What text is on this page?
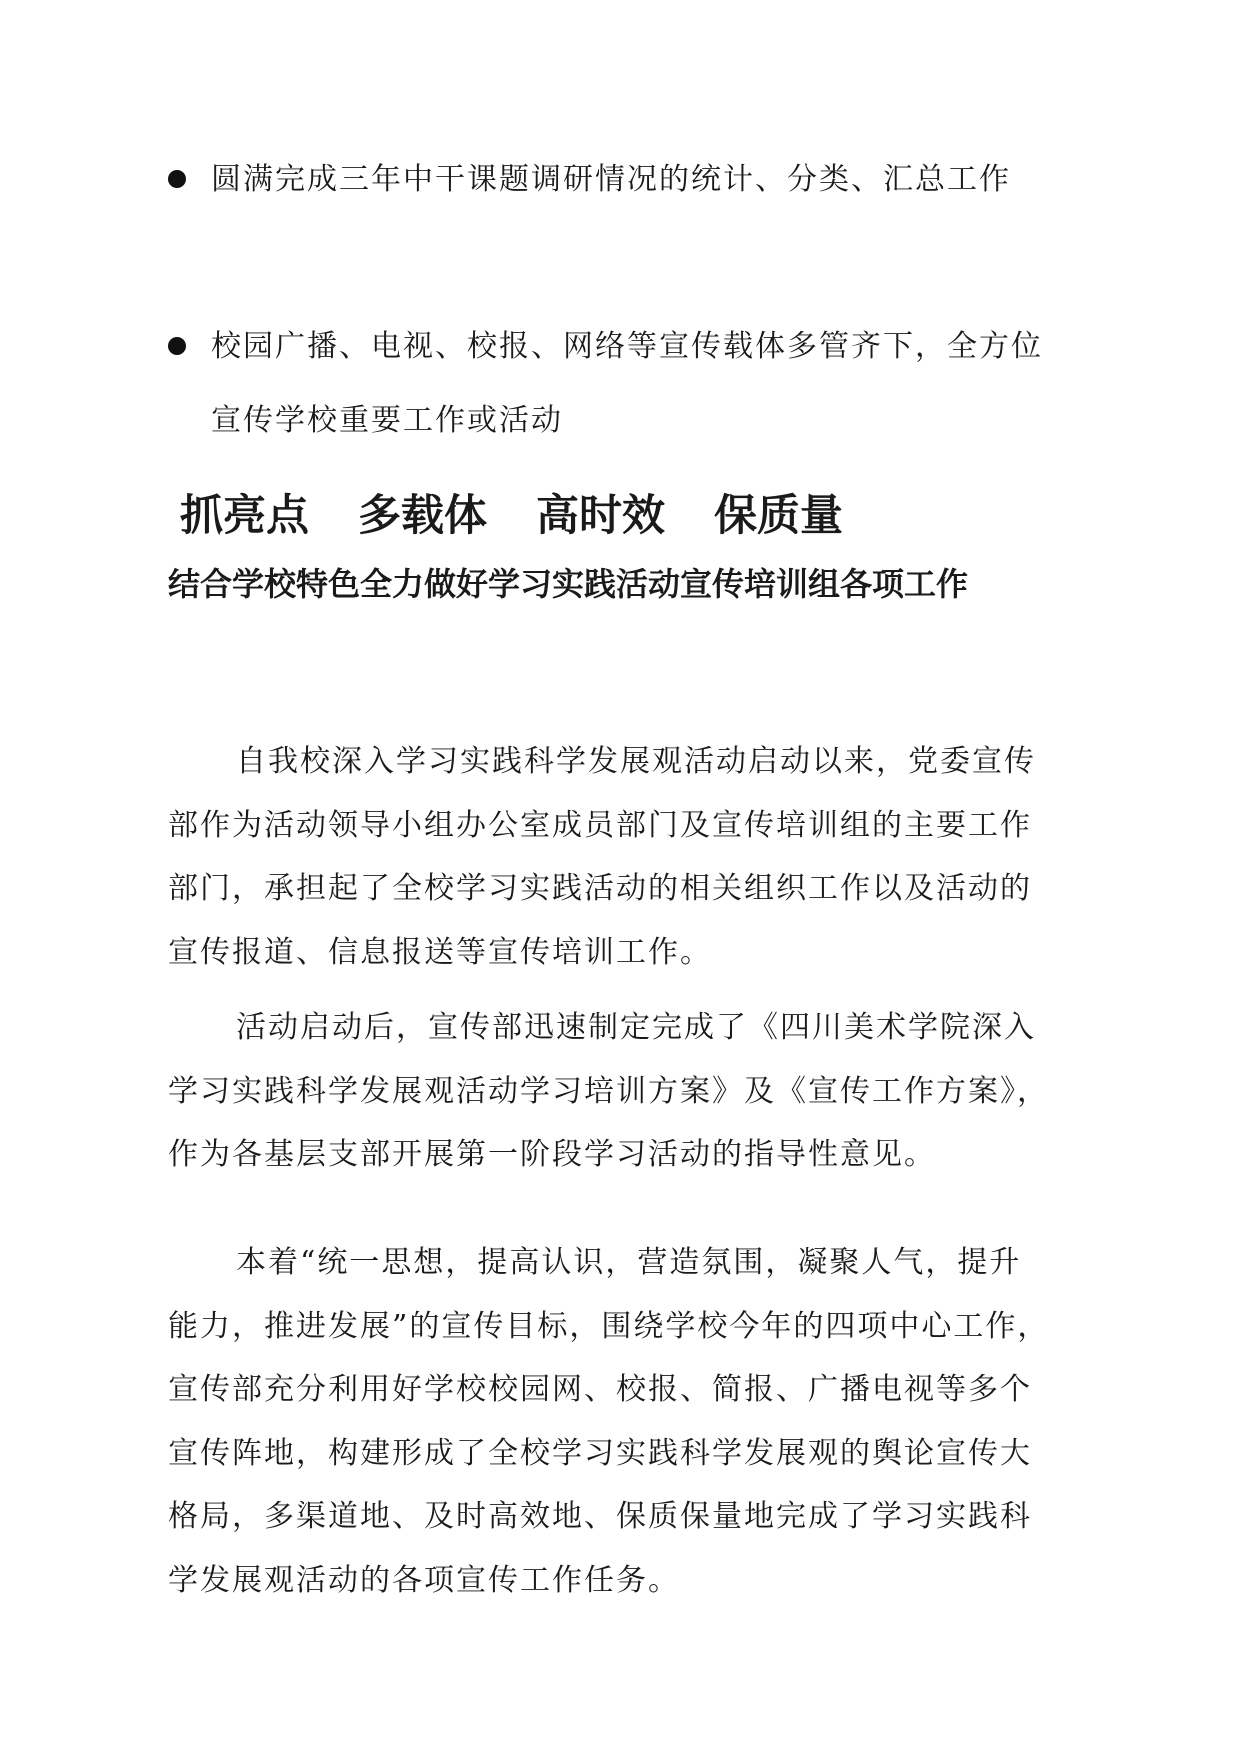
圆满完成三年中干课题调研情况的统计、分类、汇总工作
校园广播、电视、校报、网络等宣传载体多管齐下，全方位
宣传学校重要工作或活动
抓亮点 多载体 高时效 保质量
结合学校特色全力做好学习实践活动宣传培训组各项工作
自我校深入学习实践科学发展观活动启动以来，党委宣传
部作为活动领导小组办公室成员部门及宣传培训组的主要工作
部门，承担起了全校学习实践活动的相关组织工作以及活动的
宣传报道、信息报送等宣传培训工作。
活动启动后，宣传部迅速制定完成了《四川美术学院深入
学习实践科学发展观活动学习培训方案》及《宣传工作方案》，
作为各基层支部开展第一阶段学习活动的指导性意见。
本着“统一思想，提高认识，营造氛围，凝聚人气，提升
能力，推进发展”的宣传目标，围绕学校今年的四项中心工作，
宣传部充分利用好学校校园网、校报、简报、广播电视等多个
宣传阵地，构建形成了全校学习实践科学发展观的舆论宣传大
格局，多渠道地、及时高效地、保质保量地完成了学习实践科
学发展观活动的各项宣传工作任务。
